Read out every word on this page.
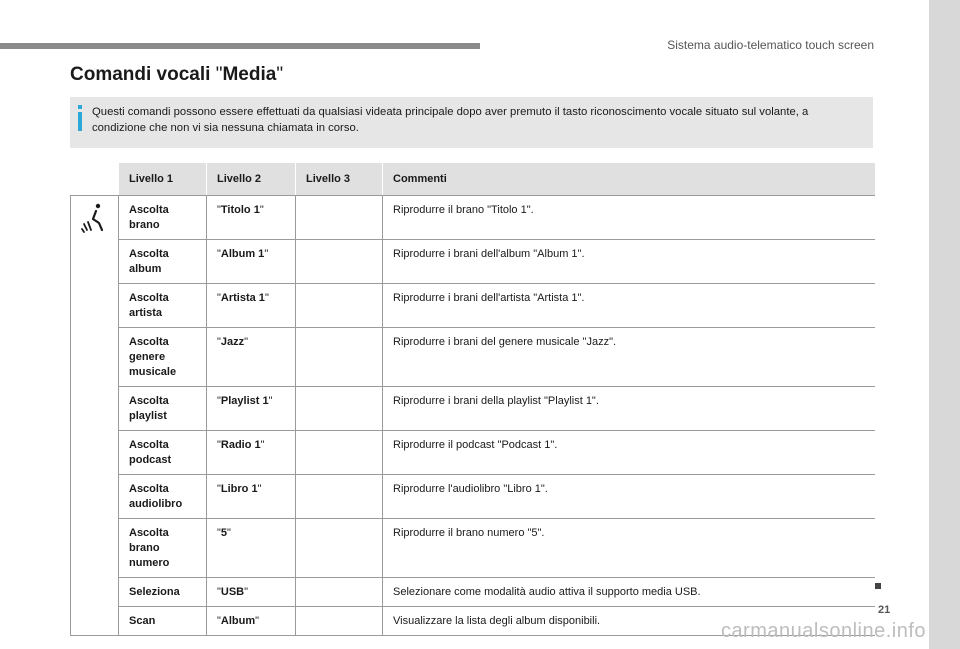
Sistema audio-telematico touch screen
Comandi vocali "Media"
Questi comandi possono essere effettuati da qualsiasi videata principale dopo aver premuto il tasto riconoscimento vocale situato sul volante, a condizione che non vi sia nessuna chiamata in corso.
	Livello 1	Livello 2	Livello 3	Commenti
	Ascolta brano	"Titolo 1"		Riprodurre il brano "Titolo 1".
	Ascolta album	"Album 1"		Riprodurre i brani dell'album "Album 1".
	Ascolta artista	"Artista 1"		Riprodurre i brani dell'artista "Artista 1".
	Ascolta genere musicale	"Jazz"		Riprodurre i brani del genere musicale "Jazz".
	Ascolta playlist	"Playlist 1"		Riprodurre i brani della playlist "Playlist 1".
	Ascolta podcast	"Radio 1"		Riprodurre il podcast "Podcast 1".
	Ascolta audiolibro	"Libro 1"		Riprodurre l'audiolibro "Libro 1".
	Ascolta brano numero	"5"		Riprodurre il brano numero "5".
	Seleziona	"USB"		Selezionare come modalità audio attiva il supporto media USB.
	Scan	"Album"		Visualizzare la lista degli album disponibili.
21
carmanualsonline.info
